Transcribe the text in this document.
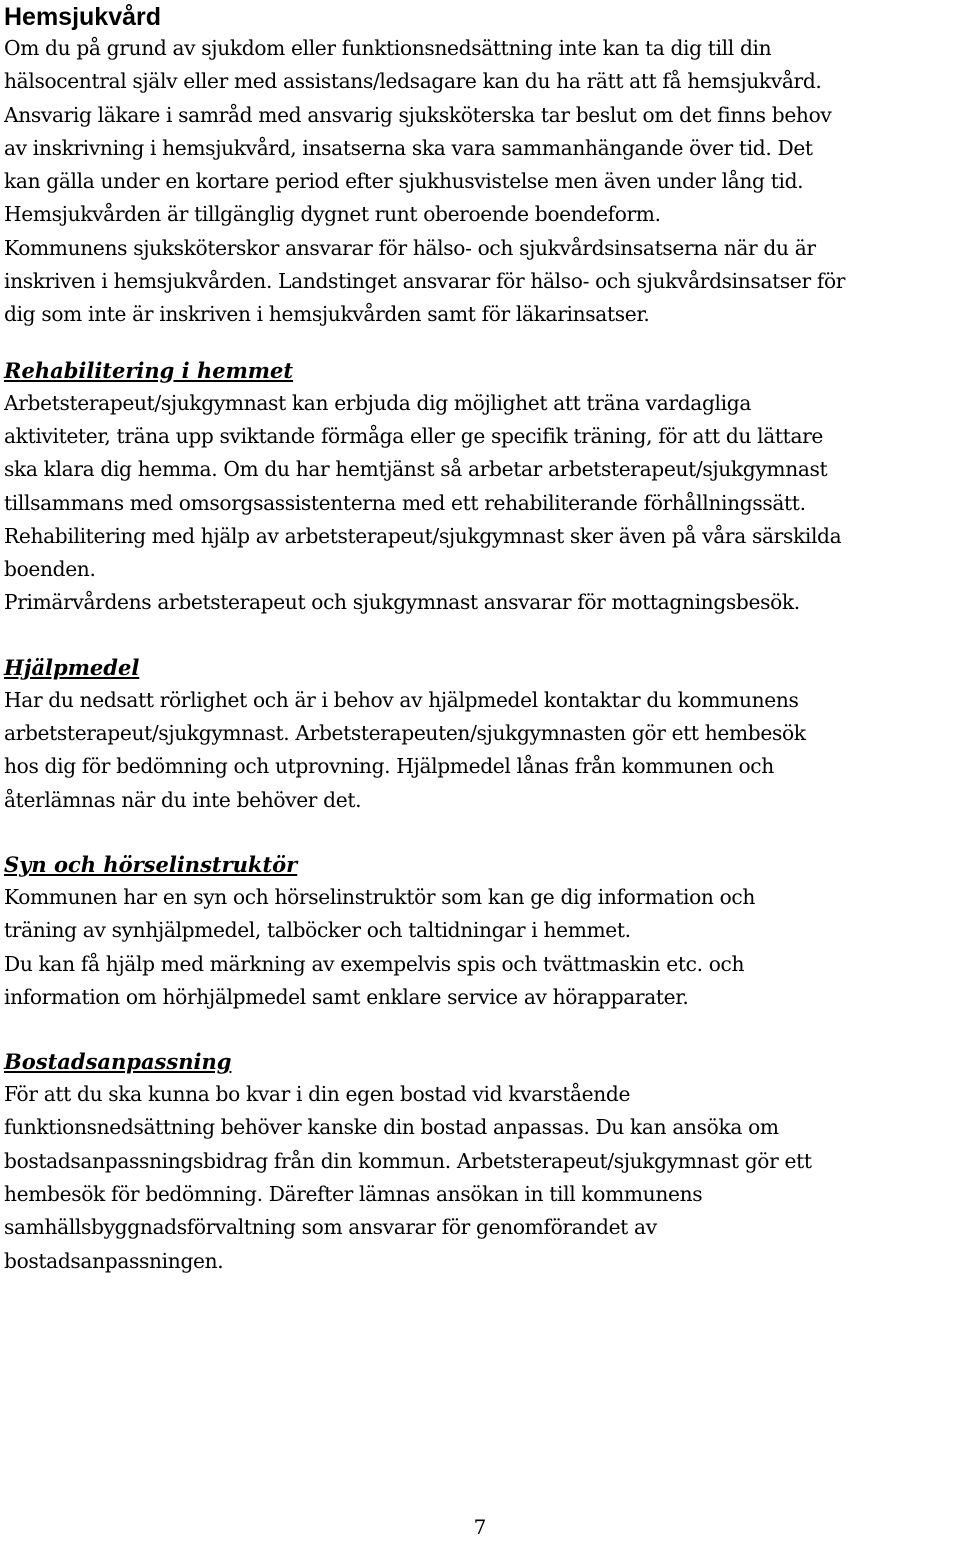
Hemsjukvård

Om du på grund av sjukdom eller funktionsnedsättning inte kan ta dig till din
hälsocentral själv eller med assistans/ledsagare kan du ha rätt att få hemsjukvård.
Ansvarig läkare i samråd med ansvarig sjuksköterska tar beslut om det finns behov
av inskrivning i hemsjukvård, insatserna ska vara sammanhängande över tid. Det
kan gälla under en kortare period efter sjukhusvistelse men även under lång tid.
Hemsjukvården är tillgänglig dygnet runt oberoende boendeform.
Kommunens sjuksköterskor ansvarar för hälso- och sjukvårdsinsatserna när du är
inskriven i hemsjukvården. Landstinget ansvarar för hälso- och sjukvårdsinsatser för
dig som inte är inskriven i hemsjukvården samt för läkarinsatser.

Rehabilitering i hemmet

Arbetsterapeut/sjukgymnast kan erbjuda dig möjlighet att träna vardagliga
aktiviteter, träna upp sviktande förmåga eller ge specifik träning, för att du lättare
ska klara dig hemma. Om du har hemtjänst så arbetar arbetsterapeut/sjukgymnast
tillsammans med omsorgsassistenterna med ett rehabiliterande förhållningssätt.
Rehabilitering med hjälp av arbetsterapeut/sjukgymnast sker även på våra särskilda
boenden.
Primärvårdens arbetsterapeut och sjukgymnast ansvarar för mottagningsbesök.

Hjälpmedel

Har du nedsatt rörlighet och är i behov av hjälpmedel kontaktar du kommunens
arbetsterapeut/sjukgymnast. Arbetsterapeuten/sjukgymnasten gör ett hembesök
hos dig för bedömning och utprovning. Hjälpmedel lånas från kommunen och
återlämnas när du inte behöver det.

Syn och hörselinstruktör

Kommunen har en syn och hörselinstruktör som kan ge dig information och
träning av synhjälpmedel, talböcker och taltidningar i hemmet.
Du kan få hjälp med märkning av exempelvis spis och tvättmaskin etc. och
information om hörhjälpmedel samt enklare service av hörapparater.

Bostadsanpassning

För att du ska kunna bo kvar i din egen bostad vid kvarstående
funktionsnedsättning behöver kanske din bostad anpassas. Du kan ansöka om
bostadsanpassningsbidrag från din kommun. Arbetsterapeut/sjukgymnast gör ett
hembesök för bedömning. Därefter lämnas ansökan in till kommunens
samhällsbyggnadsförvaltning som ansvarar för genomförandet av
bostadsanpassningen.

7
